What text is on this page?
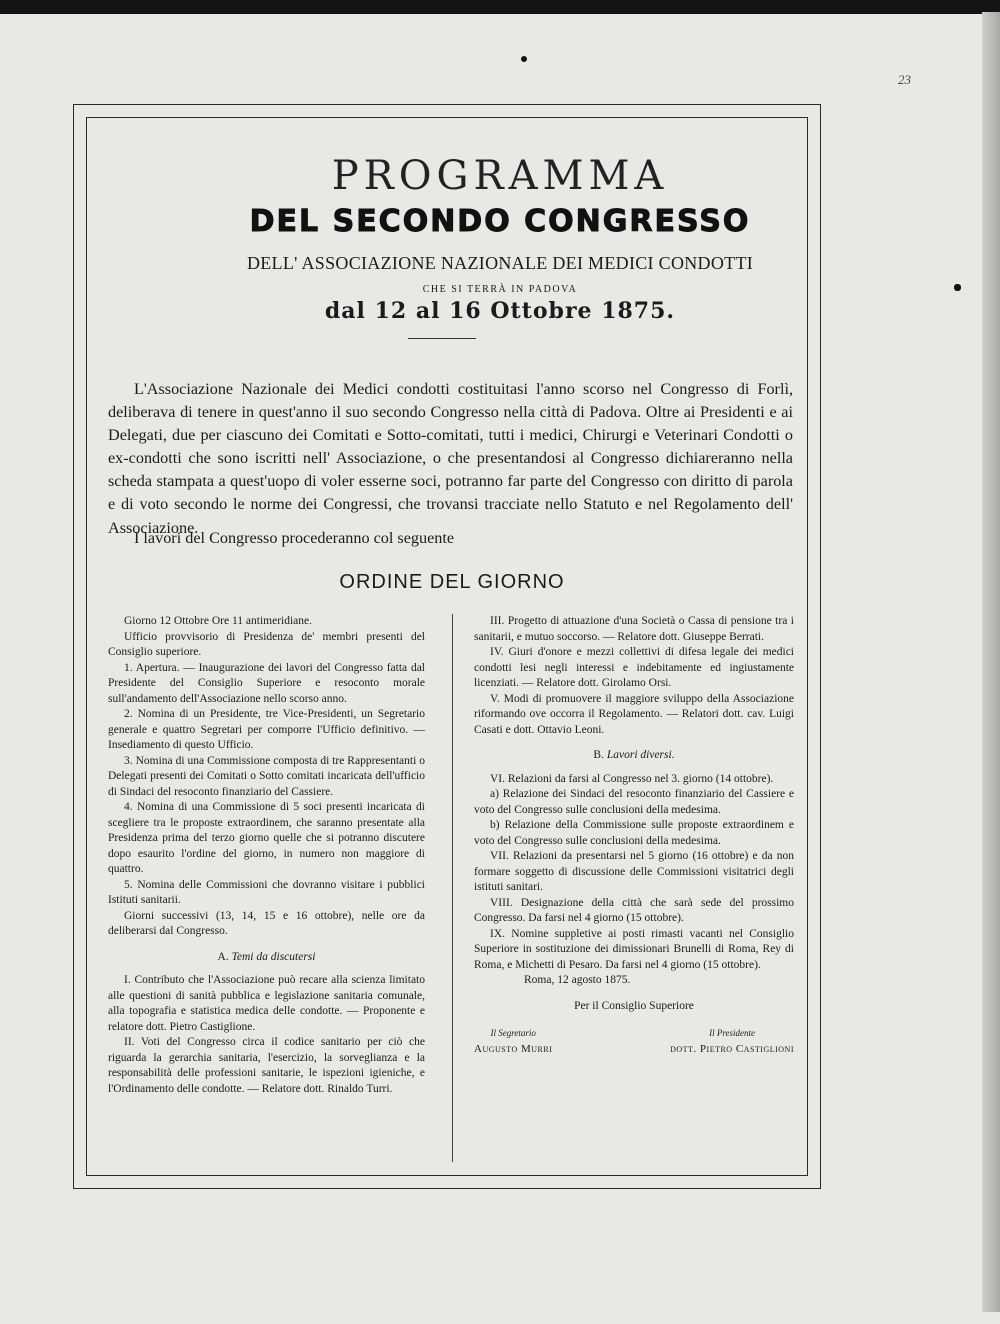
23
PROGRAMMA
DEL SECONDO CONGRESSO
DELL' ASSOCIAZIONE NAZIONALE DEI MEDICI CONDOTTI
CHE SI TERRÀ IN PADOVA
dal 12 al 16 Ottobre 1875.
L'Associazione Nazionale dei Medici condotti costituitasi l'anno scorso nel Congresso di Forlì, deliberava di tenere in quest'anno il suo secondo Congresso nella città di Padova. Oltre ai Presidenti e ai Delegati, due per ciascuno dei Comitati e Sotto-comitati, tutti i medici, Chirurgi e Veterinari Condotti o ex-condotti che sono iscritti nell' Associazione, o che presentandosi al Congresso dichiareranno nella scheda stampata a quest'uopo di voler esserne soci, potranno far parte del Congresso con diritto di parola e di voto secondo le norme dei Congressi, che trovansi tracciate nello Statuto e nel Regolamento dell' Associazione.
I lavori del Congresso procederanno col seguente
ORDINE DEL GIORNO

Giorno 12 Ottobre Ore 11 antimeridiane.

Ufficio provvisorio di Presidenza de' membri presenti del Consiglio superiore.

1. Apertura. — Inaugurazione dei lavori del Congresso fatta dal Presidente del Consiglio Superiore e resoconto morale sull'andamento dell'Associazione nello scorso anno.

2. Nomina di un Presidente, tre Vice-Presidenti, un Segretario generale e quattro Segretari per comporre l'Ufficio definitivo. — Insediamento di questo Ufficio.

3. Nomina di una Commissione composta di tre Rappresentanti o Delegati presenti dei Comitati o Sotto comitati incaricata dell'ufficio di Sindaci del resoconto finanziario del Cassiere.

4. Nomina di una Commissione di 5 soci presenti incaricata di scegliere tra le proposte extraordinem, che saranno presentate alla Presidenza prima del terzo giorno quelle che si potranno discutere dopo esaurito l'ordine del giorno, in numero non maggiore di quattro.

5. Nomina delle Commissioni che dovranno visitare i pubblici Istituti sanitarii.

Giorni successivi (13, 14, 15 e 16 ottobre), nelle ore da deliberarsi dal Congresso.

A. Temi da discutersi

I. Contributo che l'Associazione può recare alla scienza limitato alle questioni di sanità pubblica e legislazione sanitaria comunale, alla topografia e statistica medica delle condotte. — Proponente e relatore dott. Pietro Castiglione.

II. Voti del Congresso circa il codice sanitario per ciò che riguarda la gerarchia sanitaria, l'esercizio, la sorveglianza e la responsabilità delle professioni sanitarie, le ispezioni igieniche, e l'Ordinamento delle condotte. — Relatore dott. Rinaldo Turri.

III. Progetto di attuazione d'una Società o Cassa di pensione tra i sanitarii, e mutuo soccorso. — Relatore dott. Giuseppe Berrati.

IV. Giuri d'onore e mezzi collettivi di difesa legale dei medici condotti lesi negli interessi e indebitamente ed ingiustamente licenziati. — Relatore dott. Girolamo Orsi.

V. Modi di promuovere il maggiore sviluppo della Associazione riformando ove occorra il Regolamento. — Relatori dott. cav. Luigi Casati e dott. Ottavio Leoni.

B. Lavori diversi.

VI. Relazioni da farsi al Congresso nel 3. giorno (14 ottobre).

a) Relazione dei Sindaci del resoconto finanziario del Cassiere e voto del Congresso sulle conclusioni della medesima.

b) Relazione della Commissione sulle proposte extraordinem e voto del Congresso sulle conclusioni della medesima.

VII. Relazioni da presentarsi nel 5 giorno (16 ottobre) e da non formare soggetto di discussione delle Commissioni visitatrici degli istituti sanitari.

VIII. Designazione della città che sarà sede del prossimo Congresso. Da farsi nel 4 giorno (15 ottobre).

IX. Nomine suppletive ai posti rimasti vacanti nel Consiglio Superiore in sostituzione dei dimissionari Brunelli di Roma, Rey di Roma, e Michetti di Pesaro. Da farsi nel 4 giorno (15 ottobre).

Roma, 12 agosto 1875.

Per il Consiglio Superiore

Il Segretario
Augusto Murri
Il Presidente
dott. Pietro Castiglioni
